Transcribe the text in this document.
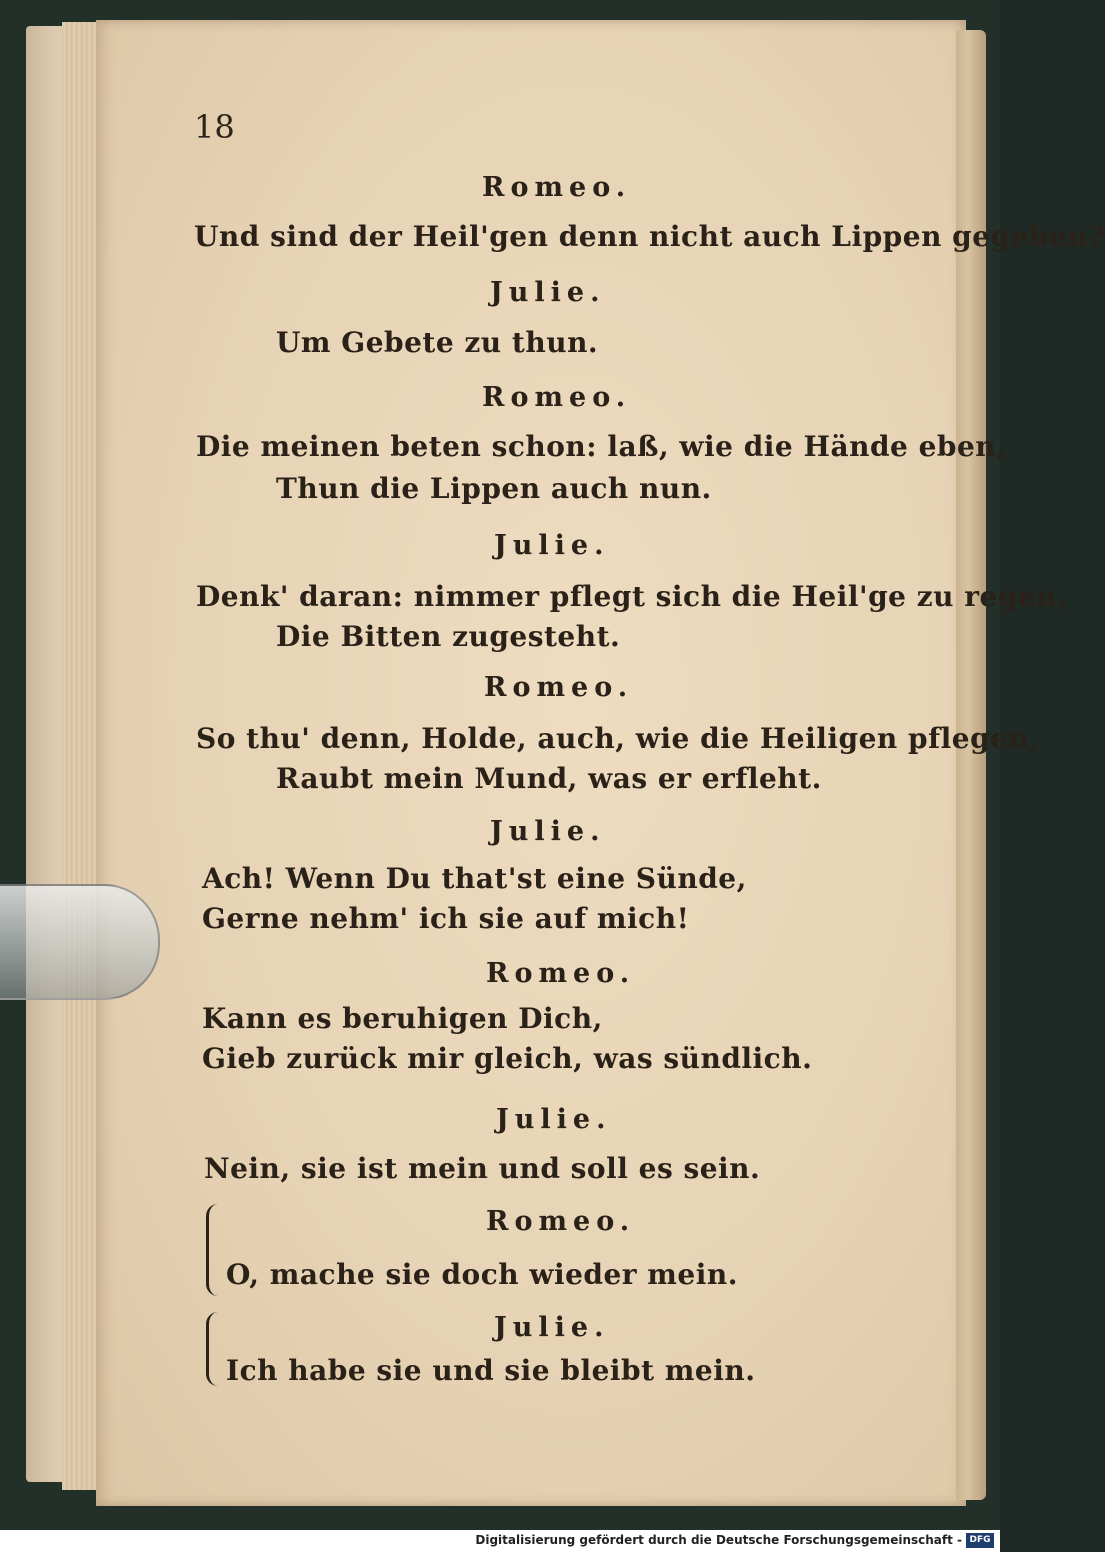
18
Romeo.
Und sind der Heil'gen denn nicht auch Lippen gegeben?
Julie.
Um Gebete zu thun.
Romeo.
Die meinen beten schon: laß, wie die Hände eben,
Thun die Lippen auch nun.
Julie.
Denk' daran: nimmer pflegt sich die Heil'ge zu regen,
Die Bitten zugesteht.
Romeo.
So thu' denn, Holde, auch, wie die Heiligen pflegen,
Raubt mein Mund, was er erfleht.
Julie.
Ach! Wenn Du that'st eine Sünde,
Gerne nehm' ich sie auf mich!
Romeo.
Kann es beruhigen Dich,
Gieb zurück mir gleich, was sündlich.
Julie.
Nein, sie ist mein und soll es sein.
Romeo.
O, mache sie doch wieder mein.
Julie.
Ich habe sie und sie bleibt mein.
Digitalisierung gefördert durch die Deutsche Forschungsgemeinschaft - DFG
